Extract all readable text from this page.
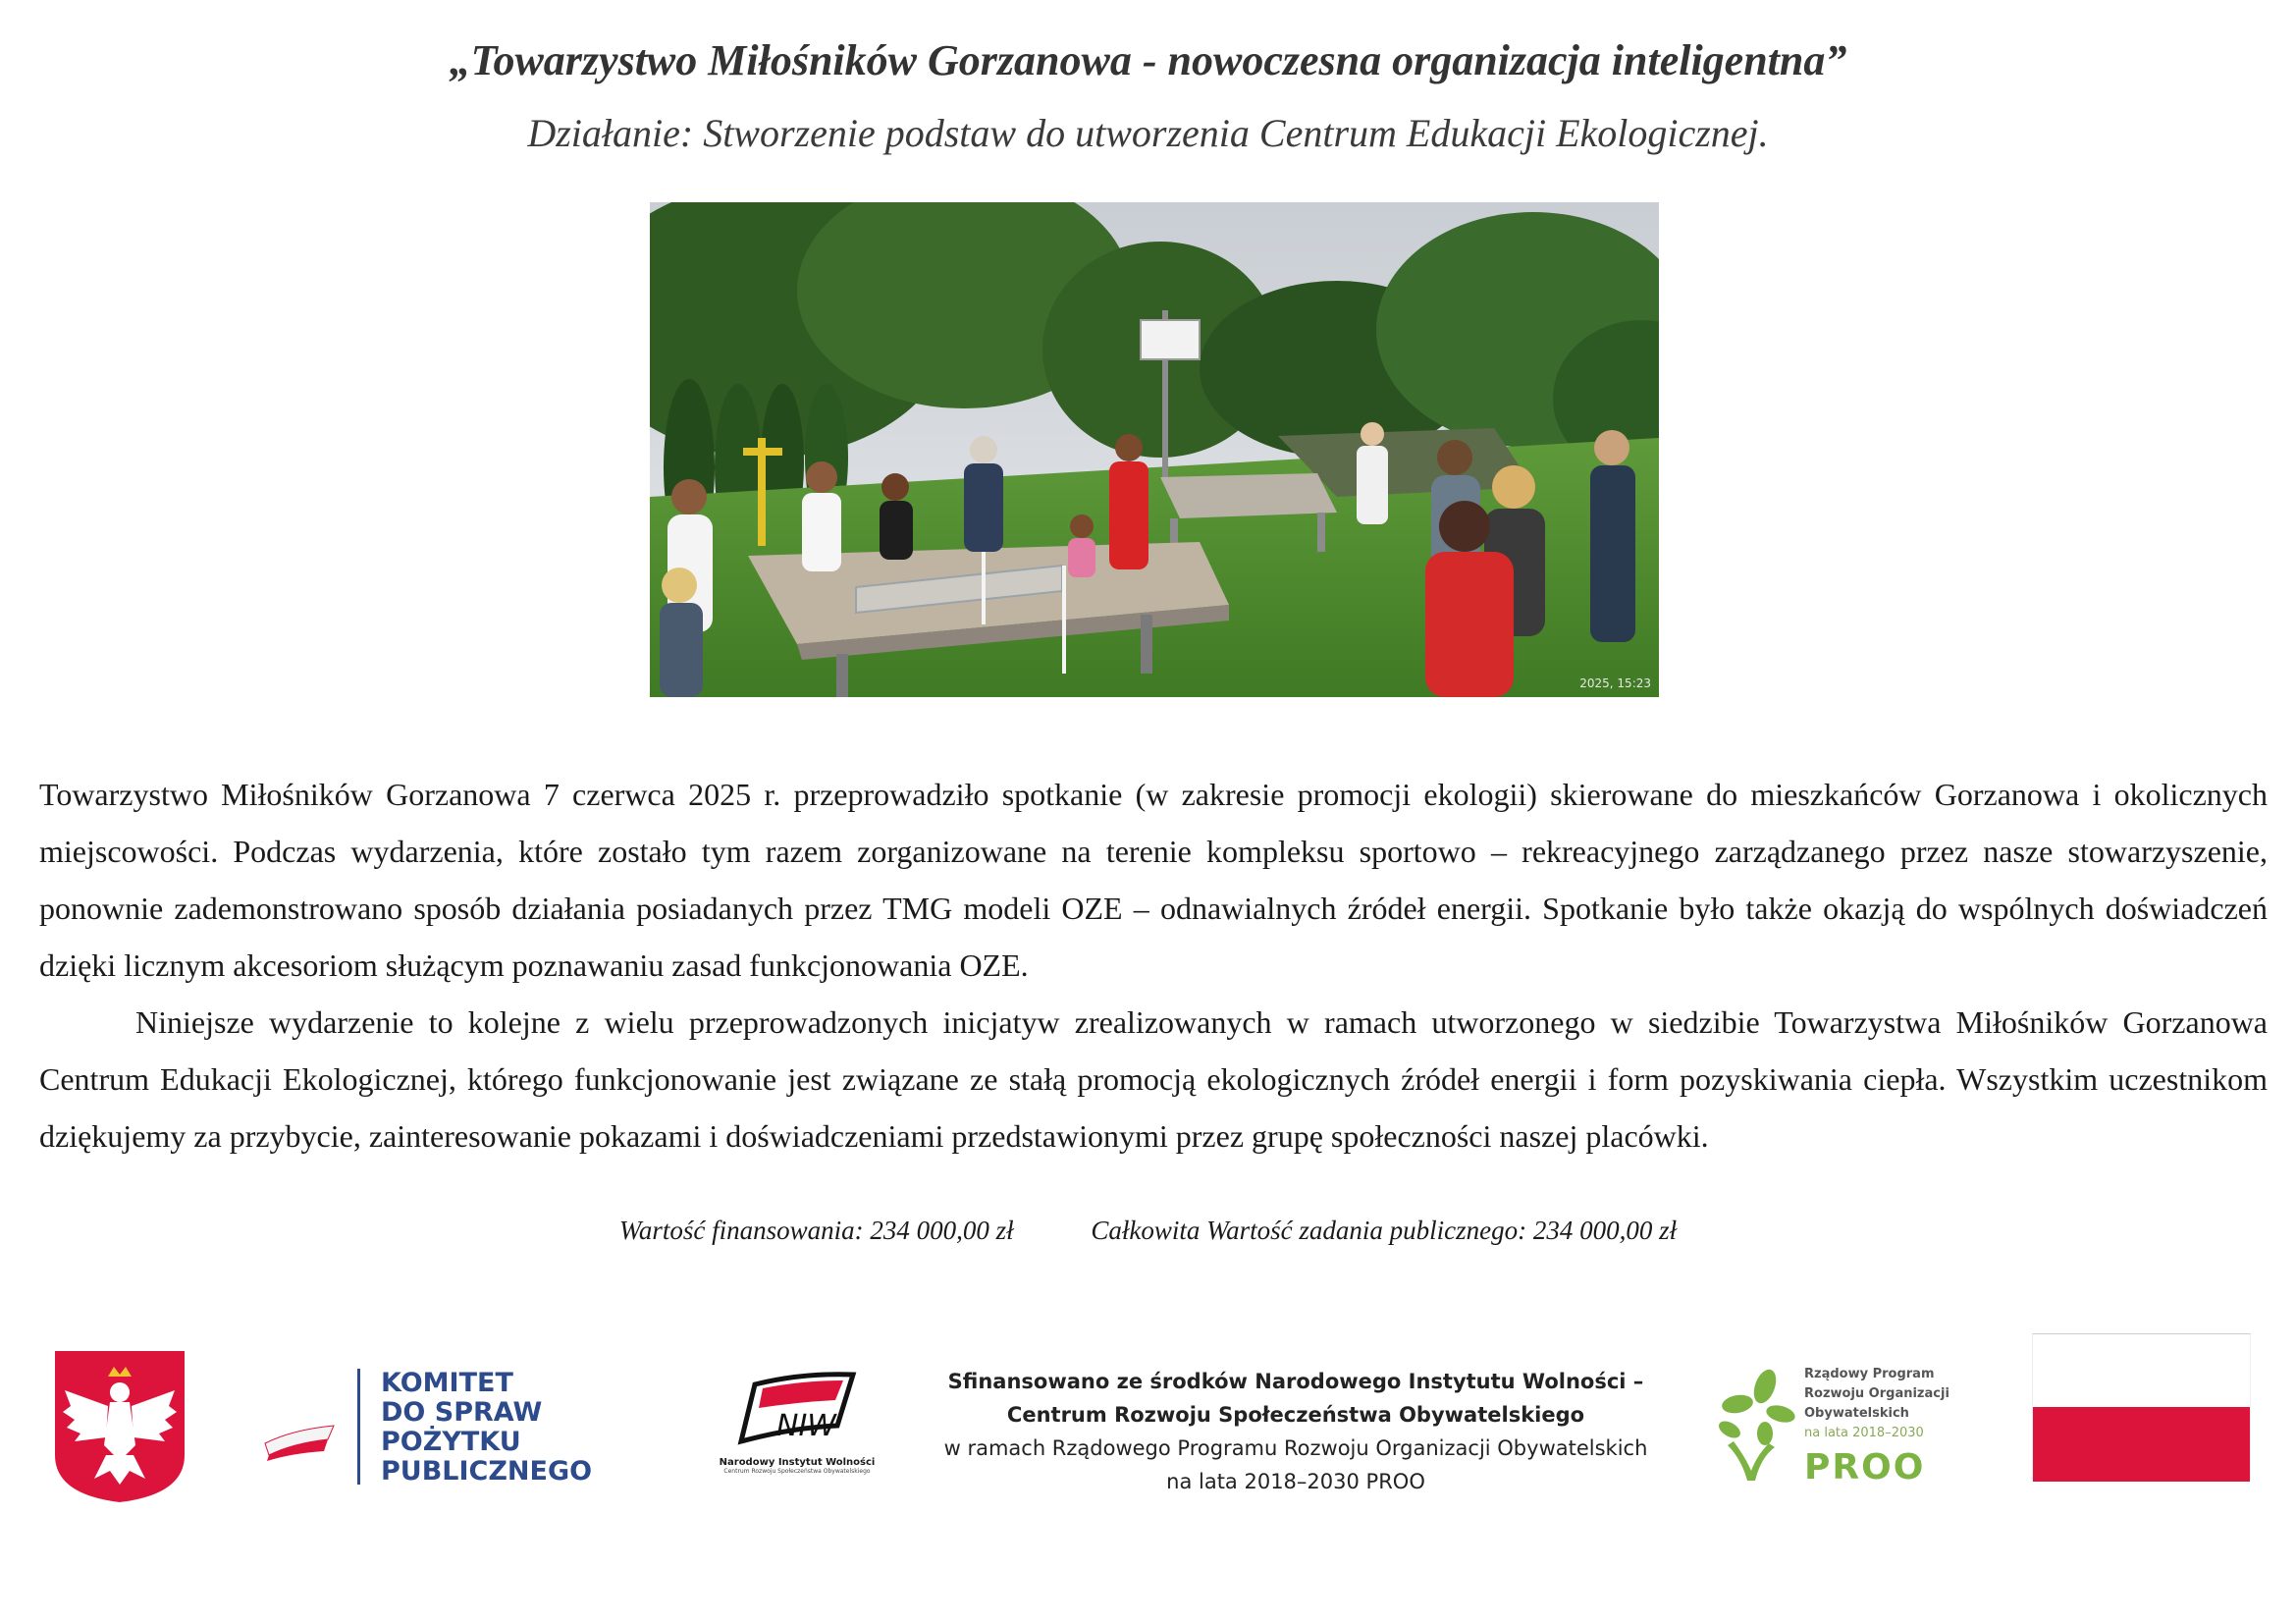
„Towarzystwo Miłośników Gorzanowa - nowoczesna organizacja inteligentna”
Działanie: Stworzenie podstaw do utworzenia Centrum Edukacji Ekologicznej.
2025, 15:23

Towarzystwo Miłośników Gorzanowa 7 czerwca 2025 r. przeprowadziło spotkanie (w zakresie promocji ekologii) skierowane do mieszkańców Gorzanowa i okolicznych miejscowości. Podczas wydarzenia, które zostało tym razem zorganizowane na terenie kompleksu sportowo – rekreacyjnego zarządzanego przez nasze stowarzyszenie, ponownie zademonstrowano sposób działania posiadanych przez TMG modeli OZE – odnawialnych źródeł energii. Spotkanie było także okazją do wspólnych doświadczeń dzięki licznym akcesoriom służącym poznawaniu zasad funkcjonowania OZE.

Niniejsze wydarzenie to kolejne z wielu przeprowadzonych inicjatyw zrealizowanych w ramach utworzonego w siedzibie Towarzystwa Miłośników Gorzanowa Centrum Edukacji Ekologicznej, którego funkcjonowanie jest związane ze stałą promocją ekologicznych źródeł energii i form pozyskiwania ciepła. Wszystkim uczestnikom dziękujemy za przybycie, zainteresowanie pokazami i doświadczeniami przedstawionymi przez grupę społeczności naszej placówki.

Wartość finansowania: 234 000,00 zł	Całkowita Wartość zadania publicznego: 234 000,00 zł
KOMITET
DO SPRAW
POŻYTKU
PUBLICZNEGO
NIW
Narodowy Instytut Wolności
Centrum Rozwoju Społeczeństwa Obywatelskiego
Sfinansowano ze środków Narodowego Instytutu Wolności –
Centrum Rozwoju Społeczeństwa Obywatelskiego
w ramach Rządowego Programu Rozwoju Organizacji Obywatelskich
na lata 2018–2030 PROO
Rządowy Program
Rozwoju Organizacji
Obywatelskich
na lata 2018–2030
PROO
